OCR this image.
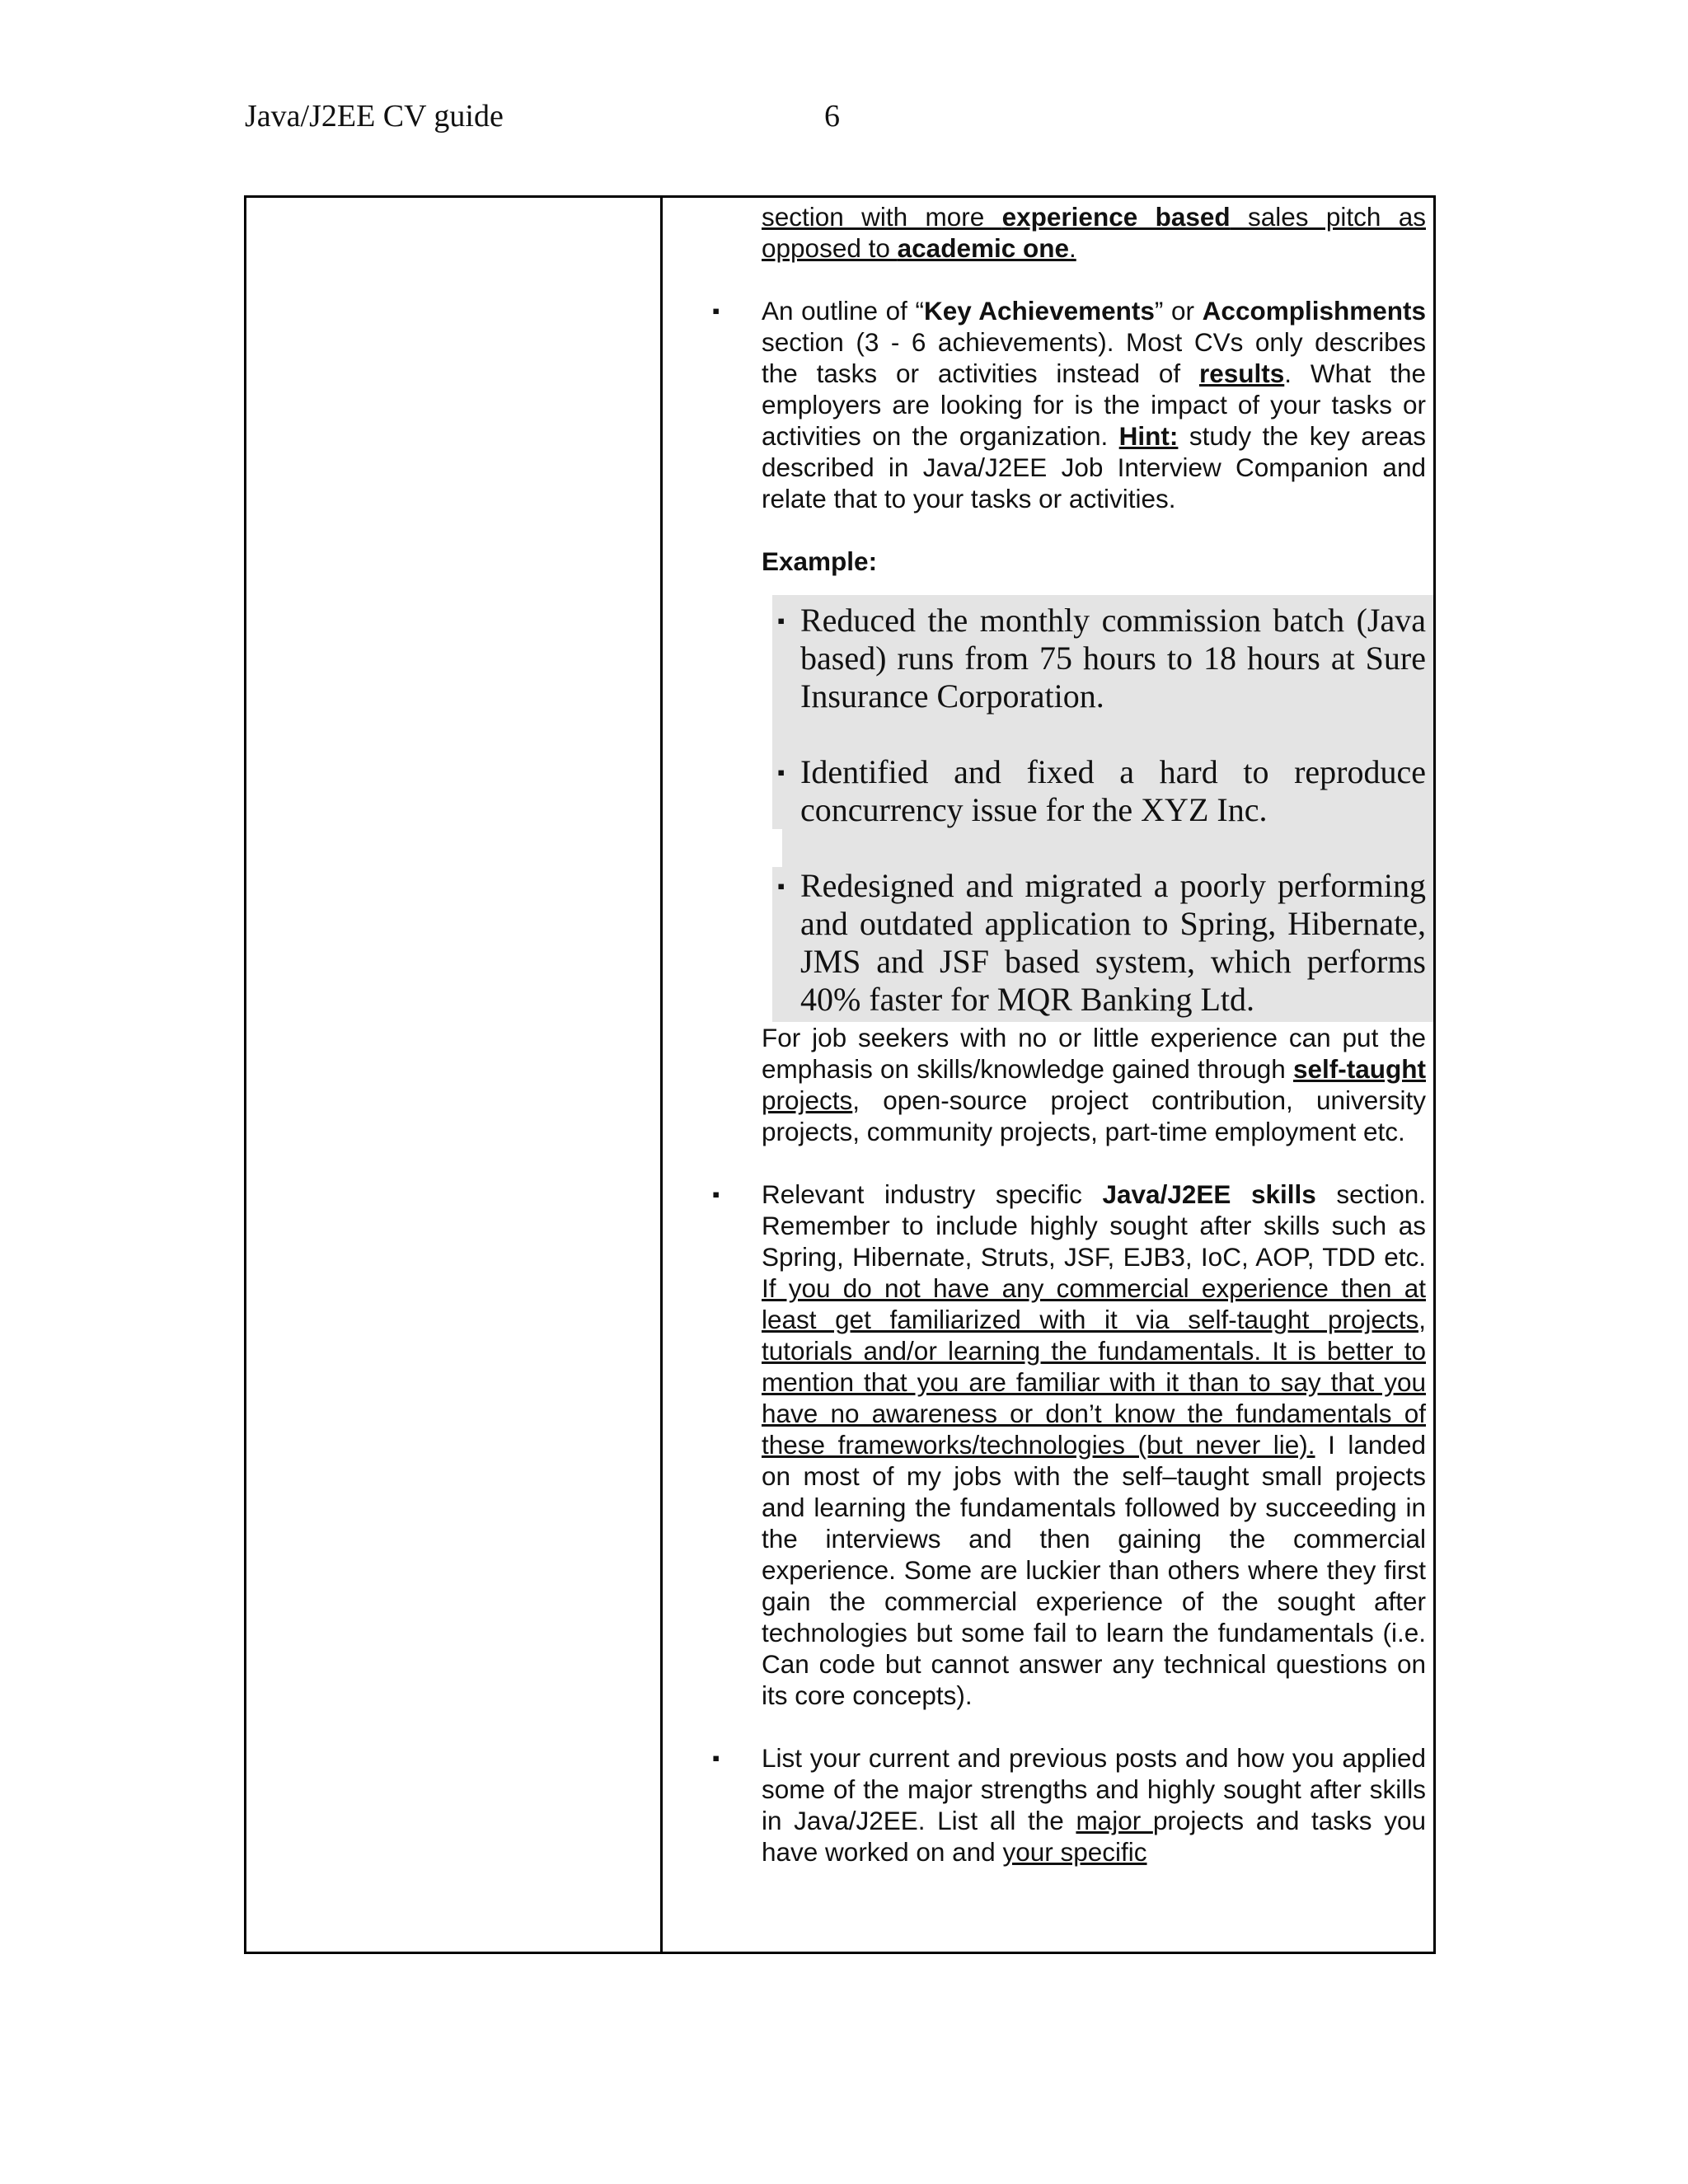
Java/J2EE CV guide	6

section with more experience based sales pitch as opposed to academic one.

▪ An outline of “Key Achievements” or Accomplishments section (3 - 6 achievements). Most CVs only describes the tasks or activities instead of results. What the employers are looking for is the impact of your tasks or activities on the organization. Hint: study the key areas described in Java/J2EE Job Interview Companion and relate that to your tasks or activities.

Example:

▪ Reduced the monthly commission batch (Java based) runs from 75 hours to 18 hours at Sure Insurance Corporation.
▪ Identified and fixed a hard to reproduce concurrency issue for the XYZ Inc.
▪ Redesigned and migrated a poorly performing and outdated application to Spring, Hibernate, JMS and JSF based system, which performs 40% faster for MQR Banking Ltd.

For job seekers with no or little experience can put the emphasis on skills/knowledge gained through self-taught projects, open-source project contribution, university projects, community projects, part-time employment etc.

▪ Relevant industry specific Java/J2EE skills section. Remember to include highly sought after skills such as Spring, Hibernate, Struts, JSF, EJB3, IoC, AOP, TDD etc. If you do not have any commercial experience then at least get familiarized with it via self-taught projects, tutorials and/or learning the fundamentals. It is better to mention that you are familiar with it than to say that you have no awareness or don’t know the fundamentals of these frameworks/technologies (but never lie). I landed on most of my jobs with the self–taught small projects and learning the fundamentals followed by succeeding in the interviews and then gaining the commercial experience. Some are luckier than others where they first gain the commercial experience of the sought after technologies but some fail to learn the fundamentals (i.e. Can code but cannot answer any technical questions on its core concepts).

▪ List your current and previous posts and how you applied some of the major strengths and highly sought after skills in Java/J2EE. List all the major projects and tasks you have worked on and your specific
